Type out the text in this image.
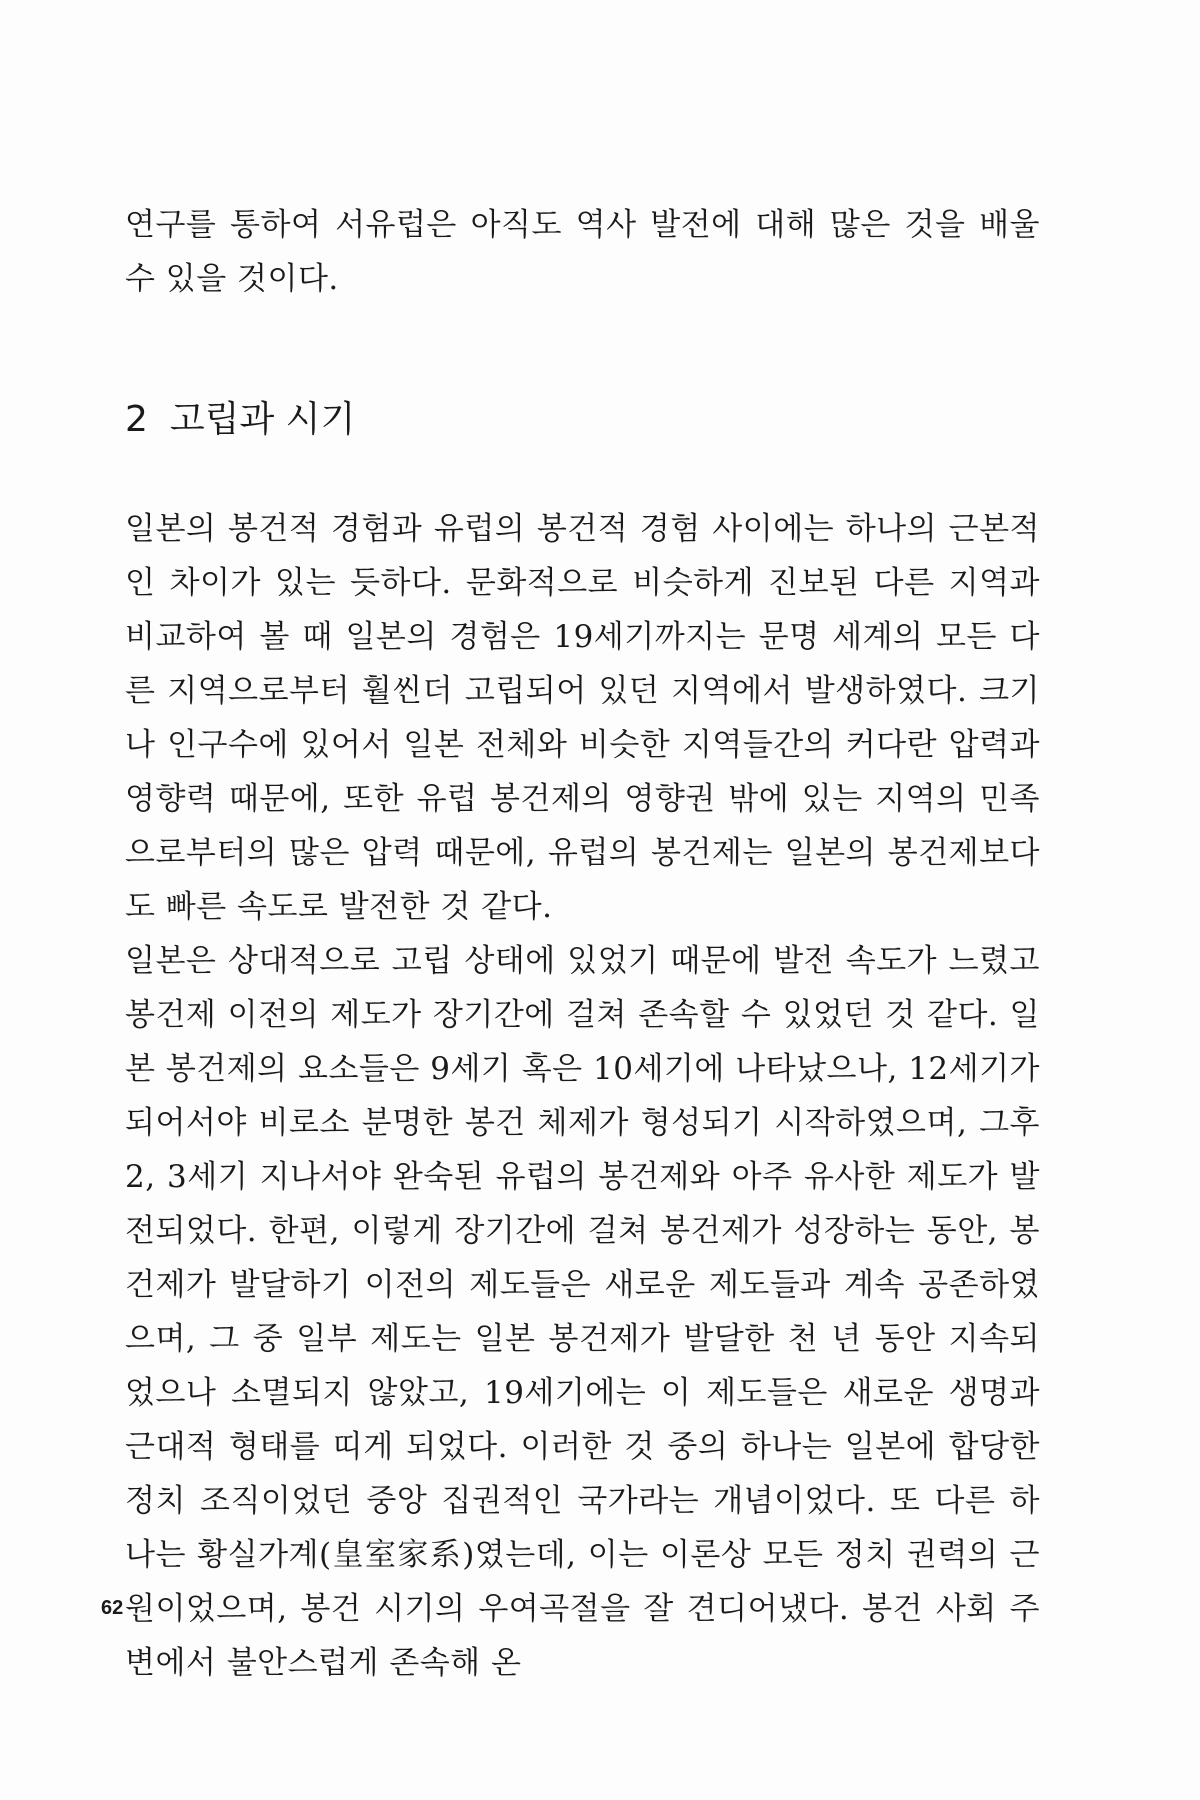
연구를 통하여 서유럽은 아직도 역사 발전에 대해 많은 것을 배울 수 있을 것이다.

2 고립과 시기

일본의 봉건적 경험과 유럽의 봉건적 경험 사이에는 하나의 근본적인 차이가 있는 듯하다. 문화적으로 비슷하게 진보된 다른 지역과 비교하여 볼 때 일본의 경험은 19세기까지는 문명 세계의 모든 다른 지역으로부터 훨씬더 고립되어 있던 지역에서 발생하였다. 크기나 인구수에 있어서 일본 전체와 비슷한 지역들간의 커다란 압력과 영향력 때문에, 또한 유럽 봉건제의 영향권 밖에 있는 지역의 민족으로부터의 많은 압력 때문에, 유럽의 봉건제는 일본의 봉건제보다도 빠른 속도로 발전한 것 같다.

일본은 상대적으로 고립 상태에 있었기 때문에 발전 속도가 느렸고 봉건제 이전의 제도가 장기간에 걸쳐 존속할 수 있었던 것 같다. 일본 봉건제의 요소들은 9세기 혹은 10세기에 나타났으나, 12세기가 되어서야 비로소 분명한 봉건 체제가 형성되기 시작하였으며, 그후 2, 3세기 지나서야 완숙된 유럽의 봉건제와 아주 유사한 제도가 발전되었다. 한편, 이렇게 장기간에 걸쳐 봉건제가 성장하는 동안, 봉건제가 발달하기 이전의 제도들은 새로운 제도들과 계속 공존하였으며, 그 중 일부 제도는 일본 봉건제가 발달한 천 년 동안 지속되었으나 소멸되지 않았고, 19세기에는 이 제도들은 새로운 생명과 근대적 형태를 띠게 되었다. 이러한 것 중의 하나는 일본에 합당한 정치 조직이었던 중앙 집권적인 국가라는 개념이었다. 또 다른 하나는 황실가계(皇室家系)였는데, 이는 이론상 모든 정치 권력의 근원이었으며, 봉건 시기의 우여곡절을 잘 견디어냈다. 봉건 사회 주변에서 불안스럽게 존속해 온

62
